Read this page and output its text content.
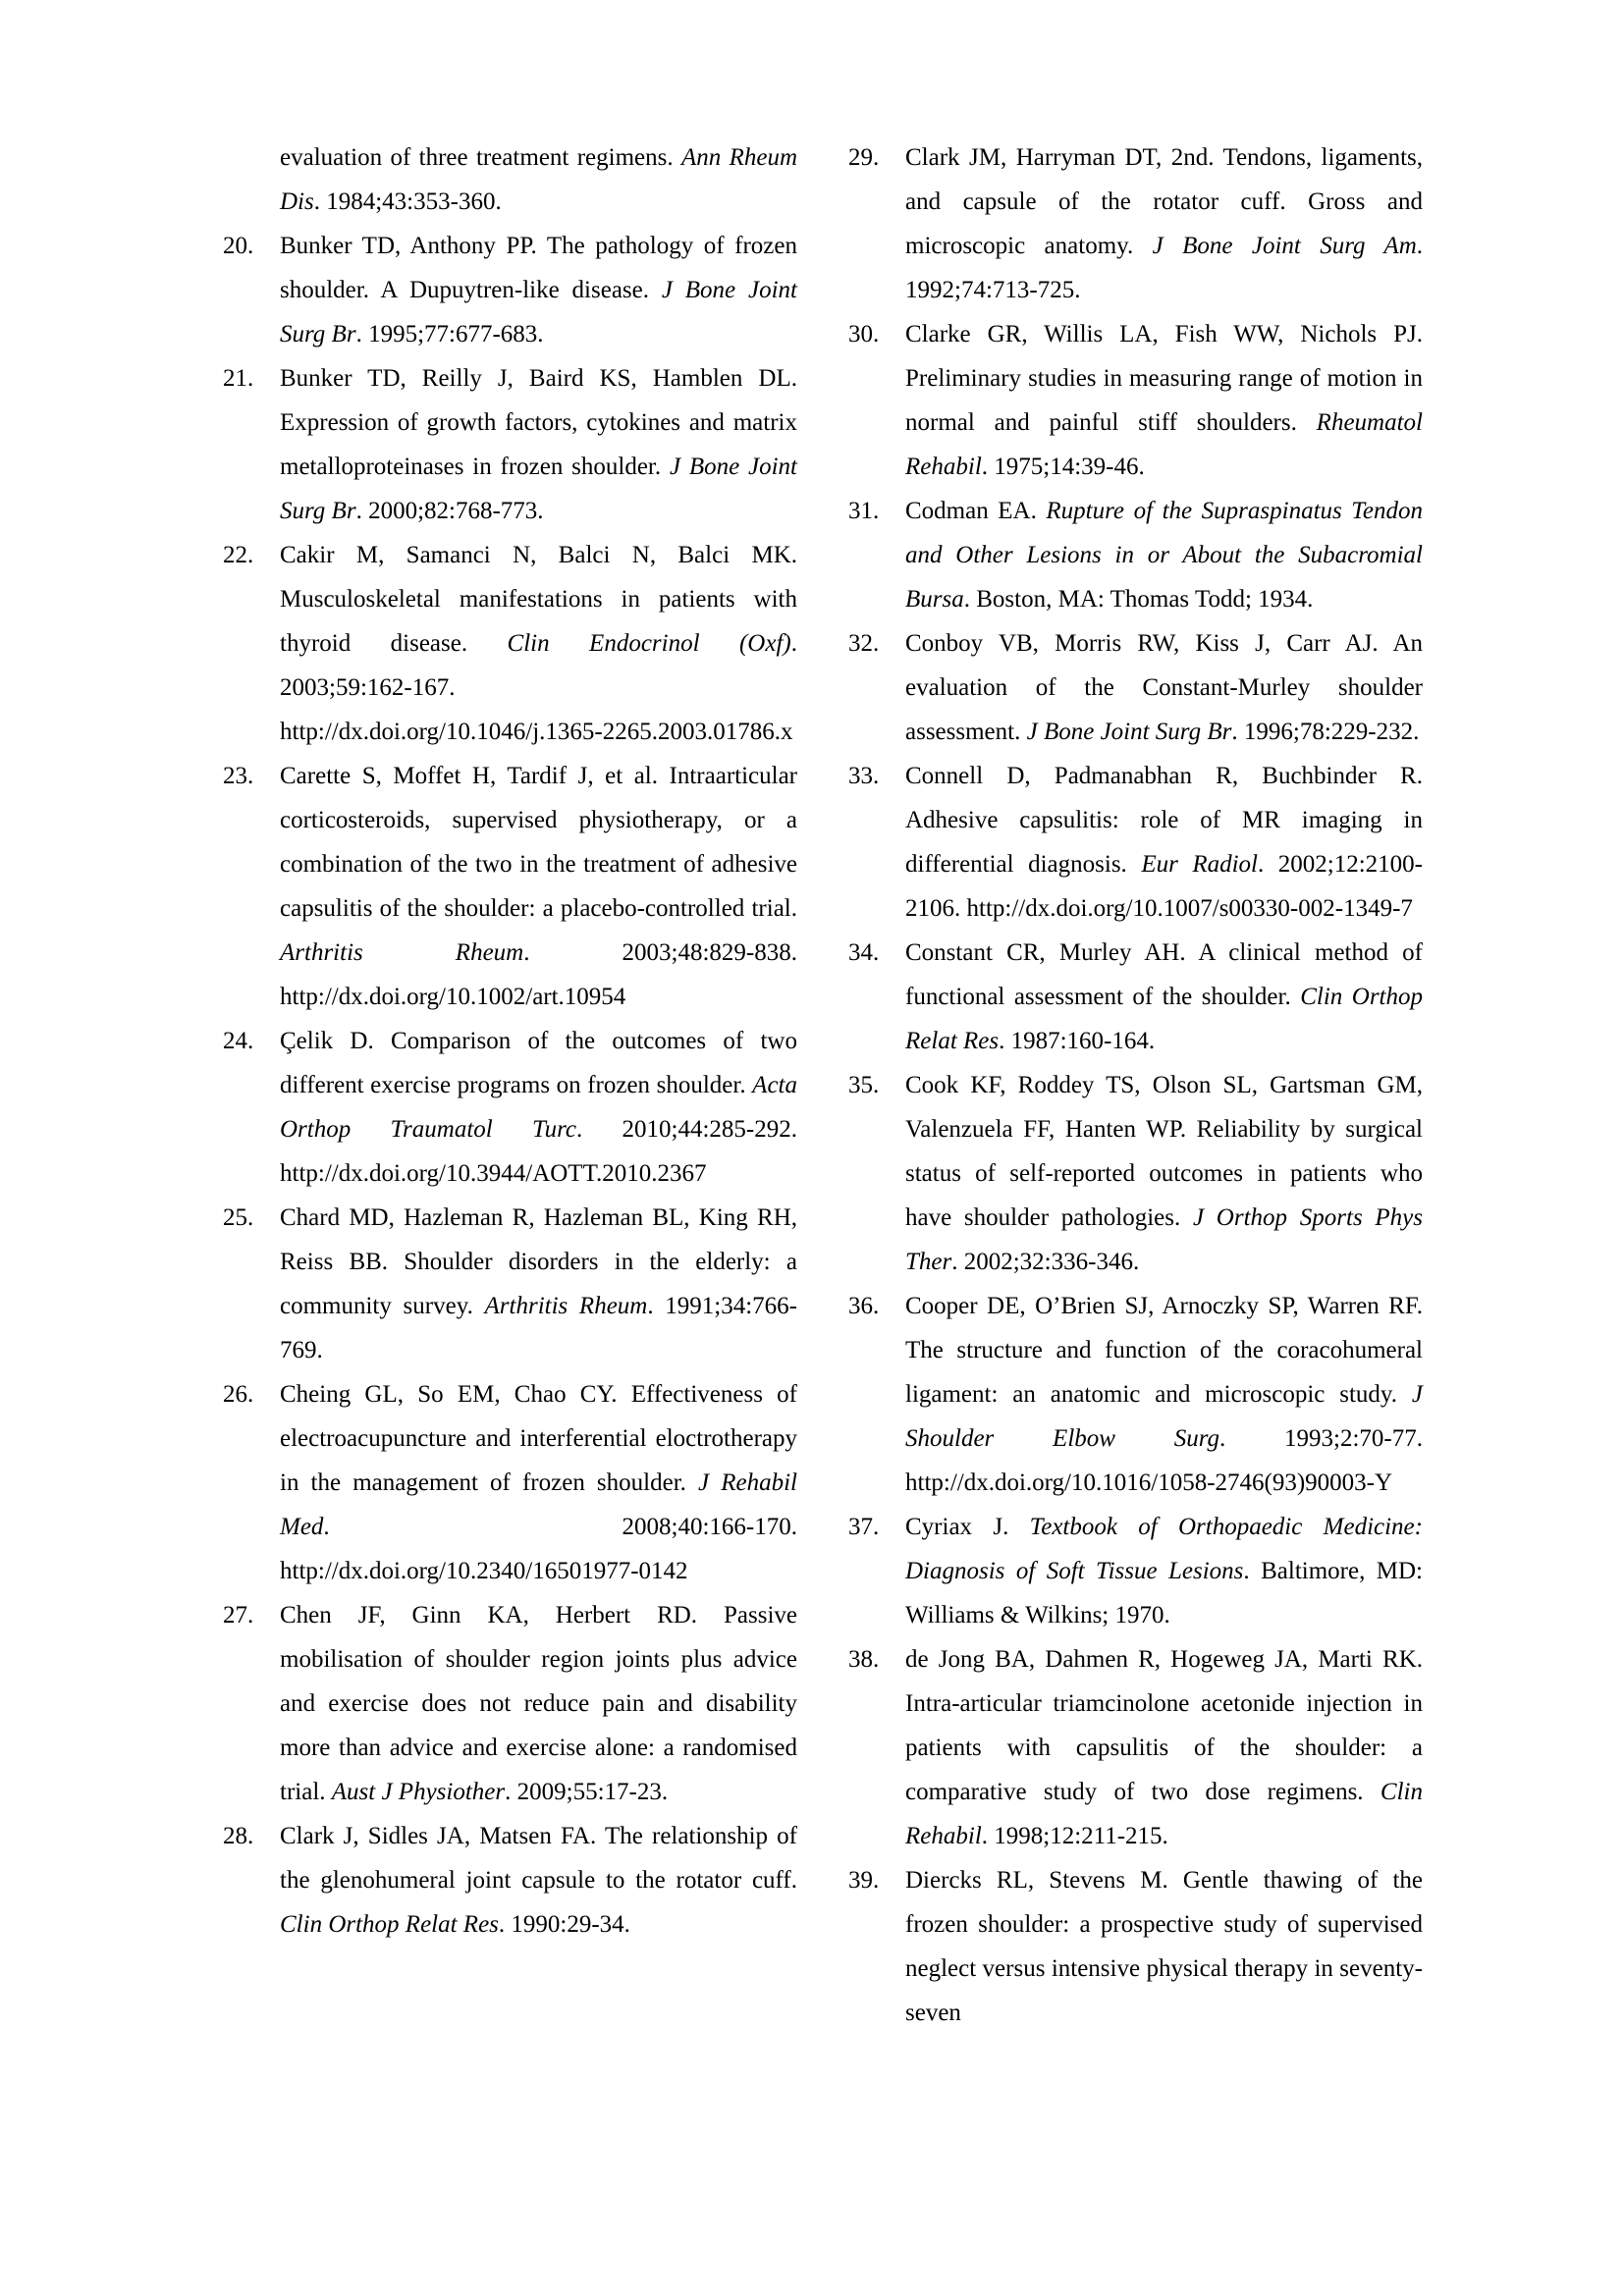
evaluation of three treatment regimens. Ann Rheum Dis. 1984;43:353-360.
20. Bunker TD, Anthony PP. The pathology of frozen shoulder. A Dupuytren-like disease. J Bone Joint Surg Br. 1995;77:677-683.
21. Bunker TD, Reilly J, Baird KS, Hamblen DL. Expression of growth factors, cytokines and matrix metalloproteinases in frozen shoulder. J Bone Joint Surg Br. 2000;82:768-773.
22. Cakir M, Samanci N, Balci N, Balci MK. Musculoskeletal manifestations in patients with thyroid disease. Clin Endocrinol (Oxf). 2003;59:162-167. http://dx.doi.org/10.1046/j.1365-2265.2003.01786.x
23. Carette S, Moffet H, Tardif J, et al. Intraarticular corticosteroids, supervised physiotherapy, or a combination of the two in the treatment of adhesive capsulitis of the shoulder: a placebo-controlled trial. Arthritis Rheum. 2003;48:829-838. http://dx.doi.org/10.1002/art.10954
24. Çelik D. Comparison of the outcomes of two different exercise programs on frozen shoulder. Acta Orthop Traumatol Turc. 2010;44:285-292. http://dx.doi.org/10.3944/AOTT.2010.2367
25. Chard MD, Hazleman R, Hazleman BL, King RH, Reiss BB. Shoulder disorders in the elderly: a community survey. Arthritis Rheum. 1991;34:766-769.
26. Cheing GL, So EM, Chao CY. Effectiveness of electroacupuncture and interferential eloctrotherapy in the management of frozen shoulder. J Rehabil Med. 2008;40:166-170. http://dx.doi.org/10.2340/16501977-0142
27. Chen JF, Ginn KA, Herbert RD. Passive mobilisation of shoulder region joints plus advice and exercise does not reduce pain and disability more than advice and exercise alone: a randomised trial. Aust J Physiother. 2009;55:17-23.
28. Clark J, Sidles JA, Matsen FA. The relationship of the glenohumeral joint capsule to the rotator cuff. Clin Orthop Relat Res. 1990:29-34.
29. Clark JM, Harryman DT, 2nd. Tendons, ligaments, and capsule of the rotator cuff. Gross and microscopic anatomy. J Bone Joint Surg Am. 1992;74:713-725.
30. Clarke GR, Willis LA, Fish WW, Nichols PJ. Preliminary studies in measuring range of motion in normal and painful stiff shoulders. Rheumatol Rehabil. 1975;14:39-46.
31. Codman EA. Rupture of the Supraspinatus Tendon and Other Lesions in or About the Subacromial Bursa. Boston, MA: Thomas Todd; 1934.
32. Conboy VB, Morris RW, Kiss J, Carr AJ. An evaluation of the Constant-Murley shoulder assessment. J Bone Joint Surg Br. 1996;78:229-232.
33. Connell D, Padmanabhan R, Buchbinder R. Adhesive capsulitis: role of MR imaging in differential diagnosis. Eur Radiol. 2002;12:2100-2106. http://dx.doi.org/10.1007/s00330-002-1349-7
34. Constant CR, Murley AH. A clinical method of functional assessment of the shoulder. Clin Orthop Relat Res. 1987:160-164.
35. Cook KF, Roddey TS, Olson SL, Gartsman GM, Valenzuela FF, Hanten WP. Reliability by surgical status of self-reported outcomes in patients who have shoulder pathologies. J Orthop Sports Phys Ther. 2002;32:336-346.
36. Cooper DE, O’Brien SJ, Arnoczky SP, Warren RF. The structure and function of the coracohumeral ligament: an anatomic and microscopic study. J Shoulder Elbow Surg. 1993;2:70-77. http://dx.doi.org/10.1016/1058-2746(93)90003-Y
37. Cyriax J. Textbook of Orthopaedic Medicine: Diagnosis of Soft Tissue Lesions. Baltimore, MD: Williams & Wilkins; 1970.
38. de Jong BA, Dahmen R, Hogeweg JA, Marti RK. Intra-articular triamcinolone acetonide injection in patients with capsulitis of the shoulder: a comparative study of two dose regimens. Clin Rehabil. 1998;12:211-215.
39. Diercks RL, Stevens M. Gentle thawing of the frozen shoulder: a prospective study of supervised neglect versus intensive physical therapy in seventy-seven
